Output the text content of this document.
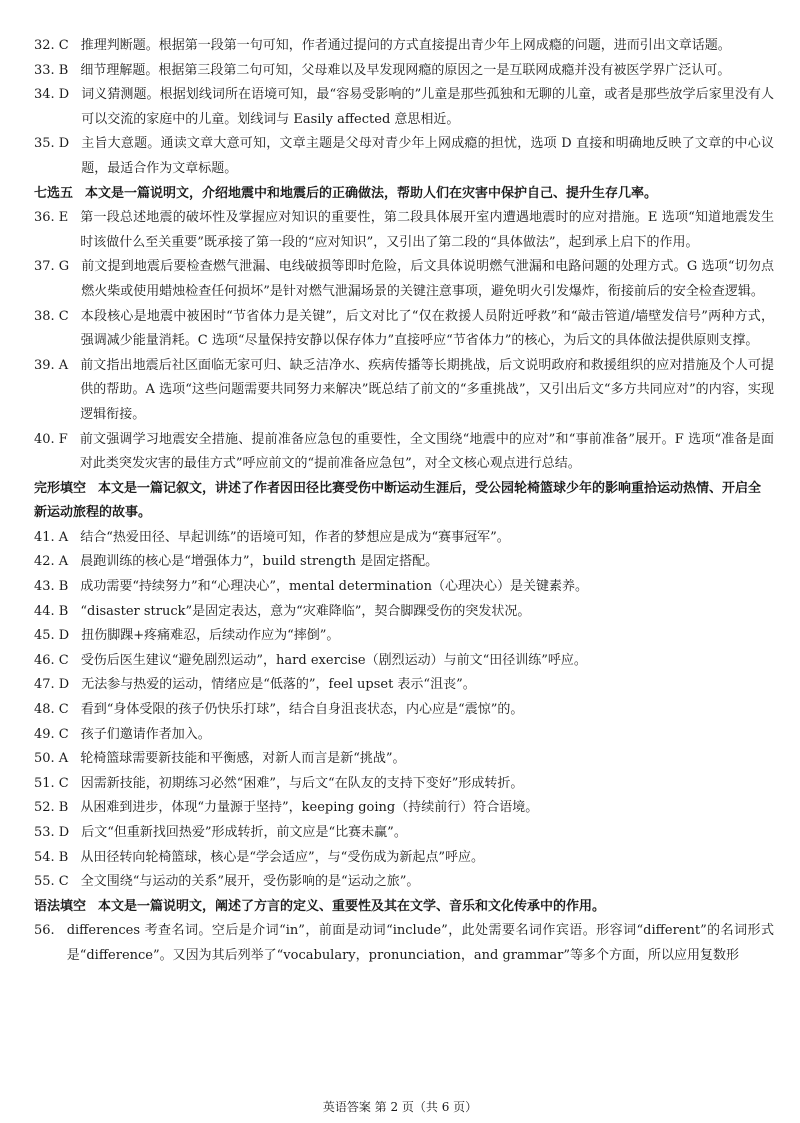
32. C 推理判断题。根据第一段第一句可知，作者通过提问的方式直接提出青少年上网成瘾的问题，进而引出文章话题。
33. B 细节理解题。根据第三段第二句可知，父母难以及早发现网瘾的原因之一是互联网成瘾并没有被医学界广泛认可。
34. D 词义猜测题。根据划线词所在语境可知，最“容易受影响的”儿童是那些孤独和无聊的儿童，或者是那些放学后家里没有人可以交流的家庭中的儿童。划线词与 Easily affected 意思相近。
35. D 主旨大意题。通读文章大意可知，文章主题是父母对青少年上网成瘾的担忧，选项 D 直接和明确地反映了文章的中心议题，最适合作为文章标题。
七选五 本文是一篇说明文，介绍地震中和地震后的正确做法，帮助人们在灾害中保护自己、提升生存几率。
36. E 第一段总述地震的破坏性及掌握应对知识的重要性，第二段具体展开室内遭遇地震时的应对措施。E 选项“知道地震发生时该做什么至关重要”既承接了第一段的“应对知识”，又引出了第二段的“具体做法”，起到承上启下的作用。
37. G 前文提到地震后要检查燃气泄漏、电线破损等即时危险，后文具体说明燃气泄漏和电路问题的处理方式。G 选项“切勿点燃火柴或使用蜡烛检查任何损坏”是针对燃气泄漏场景的关键注意事项，避免明火引发爆炸，衔接前后的安全检查逻辑。
38. C 本段核心是地震中被困时“节省体力是关键”，后文对比了“仅在救援人员附近呼救”和“敲击管道/墙壁发信号”两种方式，强调减少能量消耗。C 选项“尽量保持安静以保存体力”直接呼应“节省体力”的核心，为后文的具体做法提供原则支撑。
39. A 前文指出地震后社区面临无家可归、缺乏洁净水、疾病传播等长期挑战，后文说明政府和救援组织的应对措施及个人可提供的帮助。A 选项“这些问题需要共同努力来解决”既总结了前文的“多重挑战”，又引出后文“多方共同应对”的内容，实现逻辑衔接。
40. F 前文强调学习地震安全措施、提前准备应急包的重要性，全文围绕“地震中的应对”和“事前准备”展开。F 选项“准备是面对此类突发灾害的最佳方式”呼应前文的“提前准备应急包”，对全文核心观点进行总结。
完形填空 本文是一篇记叙文，讲述了作者因田径比赛受伤中断运动生涯后，受公园轮椅篮球少年的影响重拾运动热情、开启全新运动旅程的故事。
41. A 结合“热爱田径、早起训练”的语境可知，作者的梦想应是成为“赛事冠军”。
42. A 晨跑训练的核心是“增强体力”，build strength 是固定搭配。
43. B 成功需要“持续努力”和“心理决心”，mental determination（心理决心）是关键素养。
44. B “disaster struck”是固定表达，意为“灾难降临”，契合脚踝受伤的突发状况。
45. D 扭伤脚踝+疼痛难忍，后续动作应为“摔倒”。
46. C 受伤后医生建议“避免剧烈运动”，hard exercise（剧烈运动）与前文“田径训练”呼应。
47. D 无法参与热爱的运动，情绪应是“低落的”，feel upset 表示“沮丧”。
48. C 看到“身体受限的孩子仍快乐打球”，结合自身沮丧状态，内心应是“震惊”的。
49. C 孩子们邀请作者加入。
50. A 轮椅篮球需要新技能和平衡感，对新人而言是新“挑战”。
51. C 因需新技能，初期练习必然“困难”，与后文“在队友的支持下变好”形成转折。
52. B 从困难到进步，体现“力量源于坚持”，keeping going（持续前行）符合语境。
53. D 后文“但重新找回热爱”形成转折，前文应是“比赛未赢”。
54. B 从田径转向轮椅篮球，核心是“学会适应”，与“受伤成为新起点”呼应。
55. C 全文围绕“与运动的关系”展开，受伤影响的是“运动之旅”。
语法填空 本文是一篇说明文，阐述了方言的定义、重要性及其在文学、音乐和文化传承中的作用。
56. differences 考查名词。空后是介词“in”，前面是动词“include”，此处需要名词作宾语。形容词“different”的名词形式是“difference”。又因为其后列举了“vocabulary，pronunciation，and grammar”等多个方面，所以应用复数形
英语答案 第 2 页（共 6 页）
